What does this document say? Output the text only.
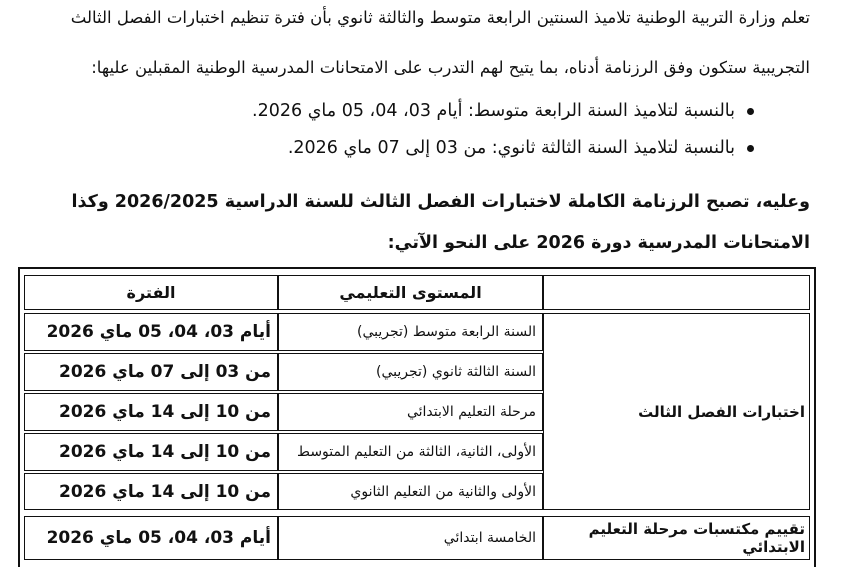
تعلم وزارة التربية الوطنية تلاميذ السنتين الرابعة متوسط والثالثة ثانوي بأن فترة تنظيم اختبارات الفصل الثالث
التجريبية ستكون وفق الرزنامة أدناه، بما يتيح لهم التدرب على الامتحانات المدرسية الوطنية المقبلين عليها:
بالنسبة لتلاميذ السنة الرابعة متوسط: أيام 03، 04، 05 ماي 2026.
بالنسبة لتلاميذ السنة الثالثة ثانوي: من 03 إلى 07 ماي 2026.
وعليه، تصبح الرزنامة الكاملة لاختبارات الفصل الثالث للسنة الدراسية 2026/2025 وكذا
الامتحانات المدرسية دورة 2026 على النحو الآتي:
المستوى التعليمي
الفترة
اختبارات الفصل الثالث
السنة الرابعة متوسط (تجريبي)
أيام 03، 04، 05 ماي 2026
السنة الثالثة ثانوي (تجريبي)
من 03 إلى 07 ماي 2026
مرحلة التعليم الابتدائي
من 10 إلى 14 ماي 2026
الأولى، الثانية، الثالثة من التعليم المتوسط
من 10 إلى 14 ماي 2026
الأولى والثانية من التعليم الثانوي
من 10 إلى 14 ماي 2026
تقييم مكتسبات مرحلة التعليم الابتدائي
الخامسة ابتدائي
أيام 03، 04، 05 ماي 2026
